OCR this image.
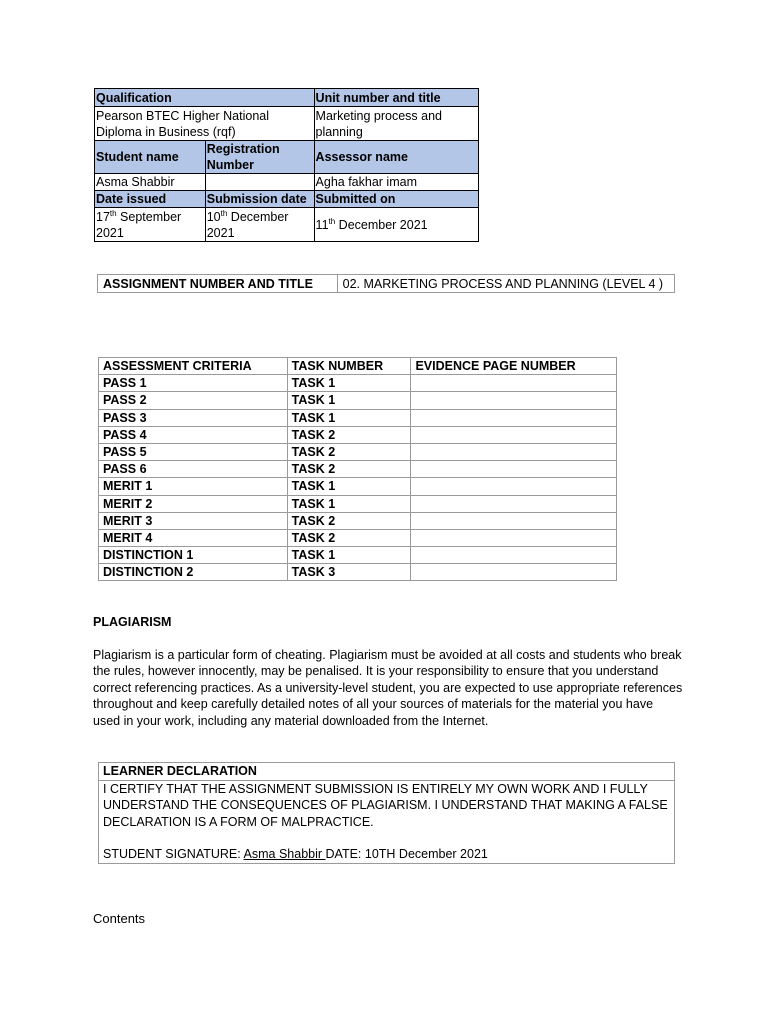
Qualification		Unit number and title
Pearson BTEC Higher National Diploma in Business (rqf)		Marketing process and planning
Student name	Registration Number	Assessor name
Asma Shabbir		Agha fakhar imam
Date issued	Submission date	Submitted on
17th September 2021	10th December 2021	11th December 2021
ASSIGNMENT NUMBER AND TITLE	02. MARKETING PROCESS AND PLANNING (LEVEL 4 )
ASSESSMENT CRITERIA	TASK NUMBER	EVIDENCE PAGE NUMBER
PASS 1	TASK 1	
PASS 2	TASK 1	
PASS 3	TASK 1	
PASS 4	TASK 2	
PASS 5	TASK 2	
PASS 6	TASK 2	
MERIT 1	TASK 1	
MERIT 2	TASK 1	
MERIT 3	TASK 2	
MERIT 4	TASK 2	
DISTINCTION 1	TASK 1	
DISTINCTION 2	TASK 3	
PLAGIARISM
Plagiarism is a particular form of cheating. Plagiarism must be avoided at all costs and students who break the rules, however innocently, may be penalised. It is your responsibility to ensure that you understand correct referencing practices. As a university-level student, you are expected to use appropriate references throughout and keep carefully detailed notes of all your sources of materials for the material you have used in your work, including any material downloaded from the Internet.
LEARNER DECLARATION

I CERTIFY THAT THE ASSIGNMENT SUBMISSION IS ENTIRELY MY OWN WORK AND I FULLY UNDERSTAND THE CONSEQUENCES OF PLAGIARISM. I UNDERSTAND THAT MAKING A FALSE DECLARATION IS A FORM OF MALPRACTICE.
STUDENT SIGNATURE: Asma Shabbir DATE: 10TH December 2021
Contents
